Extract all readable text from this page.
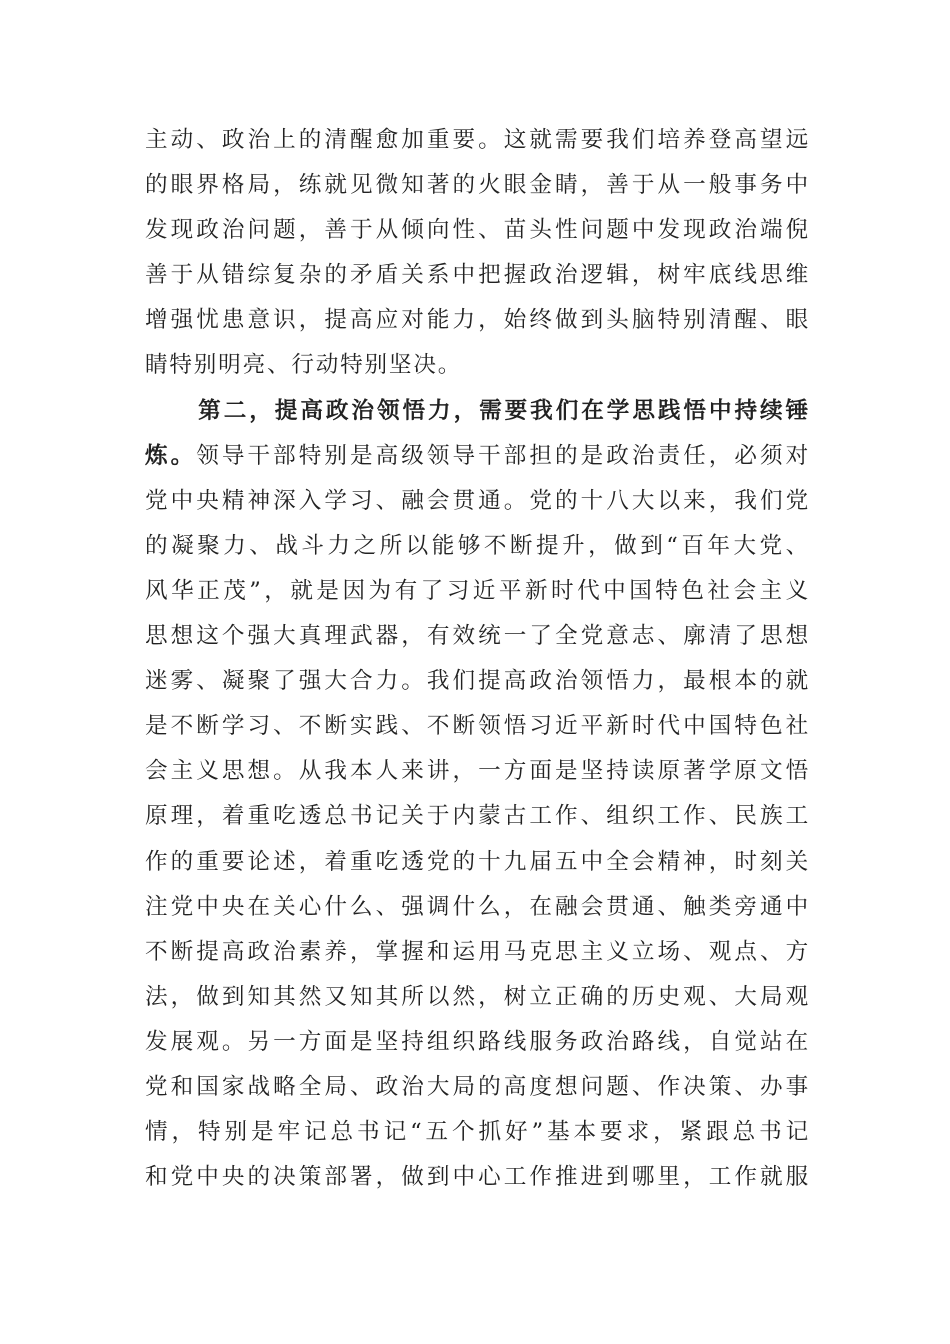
主动、政治上的清醒愈加重要。这就需要我们培养登高望远
的眼界格局，练就见微知著的火眼金睛，善于从一般事务中
发现政治问题，善于从倾向性、苗头性问题中发现政治端倪
善于从错综复杂的矛盾关系中把握政治逻辑，树牢底线思维
增强忧患意识，提高应对能力，始终做到头脑特别清醒、眼
睛特别明亮、行动特别坚决。
第二，提高政治领悟力，需要我们在学思践悟中持续锤
炼。领导干部特别是高级领导干部担的是政治责任，必须对
党中央精神深入学习、融会贯通。党的十八大以来，我们党
的凝聚力、战斗力之所以能够不断提升，做到“百年大党、
风华正茂”，就是因为有了习近平新时代中国特色社会主义
思想这个强大真理武器，有效统一了全党意志、廓清了思想
迷雾、凝聚了强大合力。我们提高政治领悟力，最根本的就
是不断学习、不断实践、不断领悟习近平新时代中国特色社
会主义思想。从我本人来讲，一方面是坚持读原著学原文悟
原理，着重吃透总书记关于内蒙古工作、组织工作、民族工
作的重要论述，着重吃透党的十九届五中全会精神，时刻关
注党中央在关心什么、强调什么，在融会贯通、触类旁通中
不断提高政治素养，掌握和运用马克思主义立场、观点、方
法，做到知其然又知其所以然，树立正确的历史观、大局观
发展观。另一方面是坚持组织路线服务政治路线，自觉站在
党和国家战略全局、政治大局的高度想问题、作决策、办事
情，特别是牢记总书记“五个抓好”基本要求，紧跟总书记
和党中央的决策部署，做到中心工作推进到哪里，工作就服
